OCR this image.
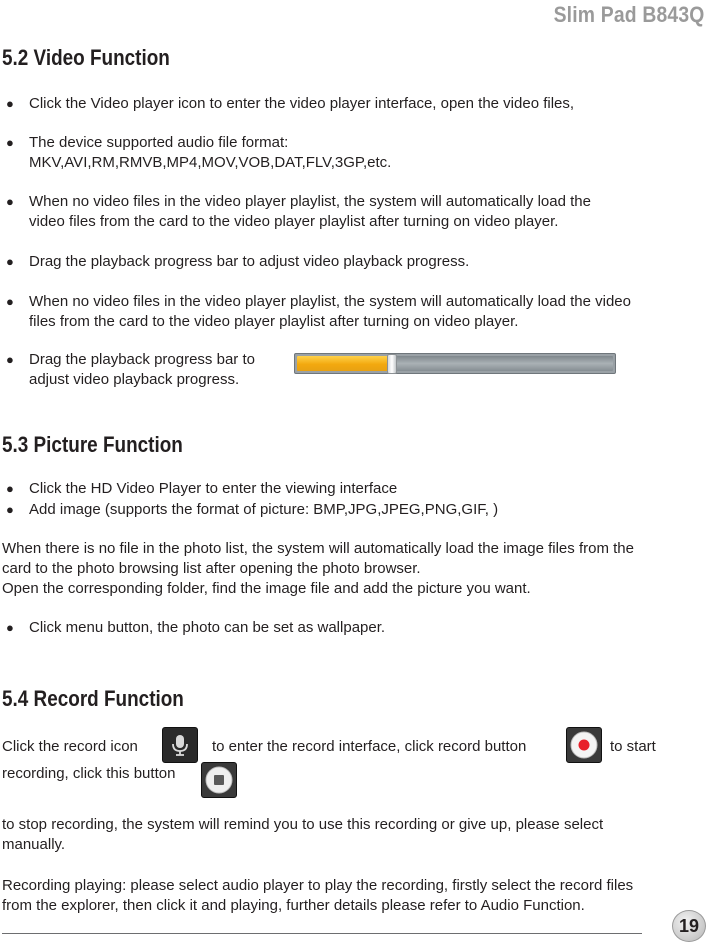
Slim Pad B843Q
5.2 Video Function
● Click the Video player icon to enter the video player interface, open the video files,
● The device supported audio file format:
MKV,AVI,RM,RMVB,MP4,MOV,VOB,DAT,FLV,3GP,etc.
● When no video files in the video player playlist, the system will automatically load the
video files from the card to the video player playlist after turning on video player.
● Drag the playback progress bar to adjust video playback progress.
● When no video files in the video player playlist, the system will automatically load the video
files from the card to the video player playlist after turning on video player.
● Drag the playback progress bar to
adjust video playback progress.
5.3 Picture Function
● Click the HD Video Player to enter the viewing interface
● Add image (supports the format of picture: BMP,JPG,JPEG,PNG,GIF, )
When there is no file in the photo list, the system will automatically load the image files from the
card to the photo browsing list after opening the photo browser.
Open the corresponding folder, find the image file and add the picture you want.
● Click menu button, the photo can be set as wallpaper.
5.4 Record Function
Click the record icon	to enter the record interface, click record button	to start
recording, click this button
to stop recording, the system will remind you to use this recording or give up, please select
manually.
Recording playing: please select audio player to play the recording, firstly select the record files
from the explorer, then click it and playing, further details please refer to Audio Function.
19
